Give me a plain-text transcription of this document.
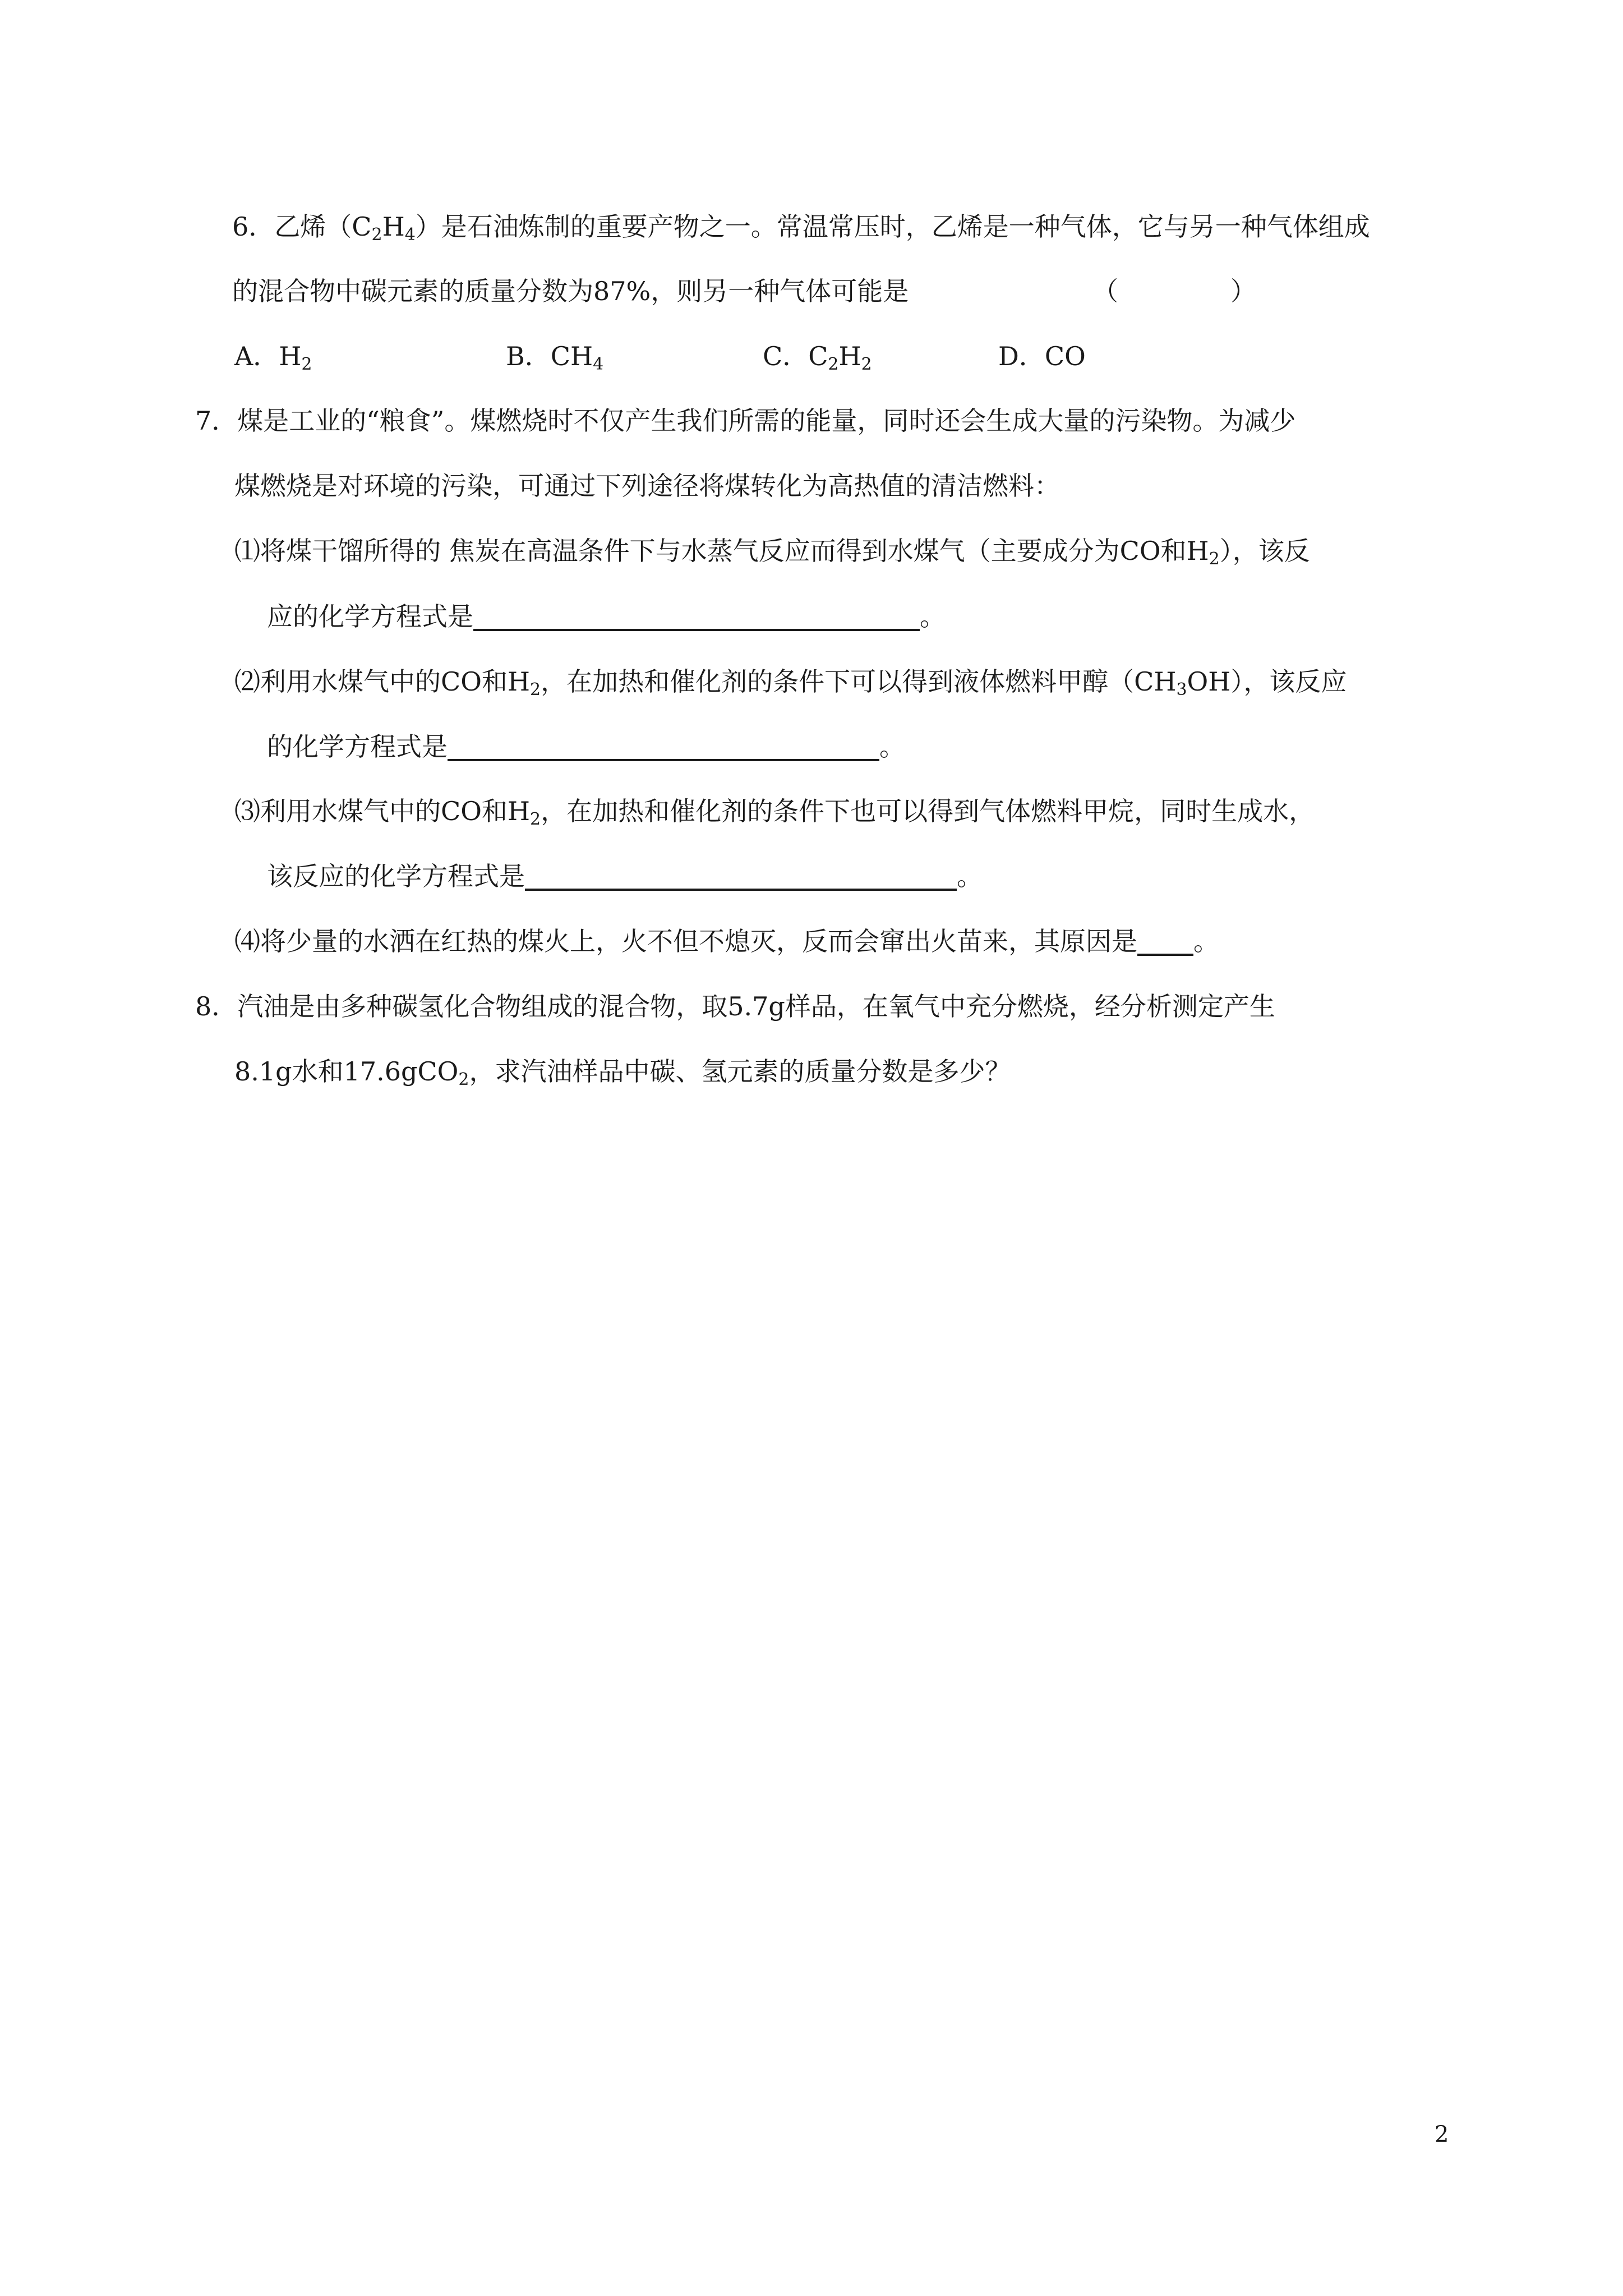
6．乙烯$(C_2H_4)$是石油炼制的重要产物之一。常温常压时，乙烯是一种气体，它与另一种气体组成
的混合物中碳元素的质量分数为87%，则另一种气体可能是	（	）
A．$H_2$	B．$CH_4$	C．$C_2H_2$	D．CO
7．煤是工业的“粮食”。煤燃烧时不仅产生我们所需的能量，同时还会生成大量的污染物。为减少
煤燃烧是对环境的污染，可通过下列途径将煤转化为高热值的清洁燃料：
⑴将煤干馏所得的 焦炭在高温条件下与水蒸气反应而得到水煤气（主要成分为CO和$H_2$），该反
应的化学方程式是	。
⑵利用水煤气中的CO和$H_2$，在加热和催化剂的条件下可以得到液体燃料甲醇$(CH_3OH)$，该反应
的化学方程式是	。
⑶利用水煤气中的CO和$H_2$，在加热和催化剂的条件下也可以得到气体燃料甲烷，同时生成水，
该反应的化学方程式是	。
⑷将少量的水洒在红热的煤火上，火不但不熄灭，反而会窜出火苗来，其原因是 。
8．汽油是由多种碳氢化合物组成的混合物，取5.7g样品，在氧气中充分燃烧，经分析测定产生
8.1g水和17.6gCO$_2$，求汽油样品中碳、氢元素的质量分数是多少？
2
